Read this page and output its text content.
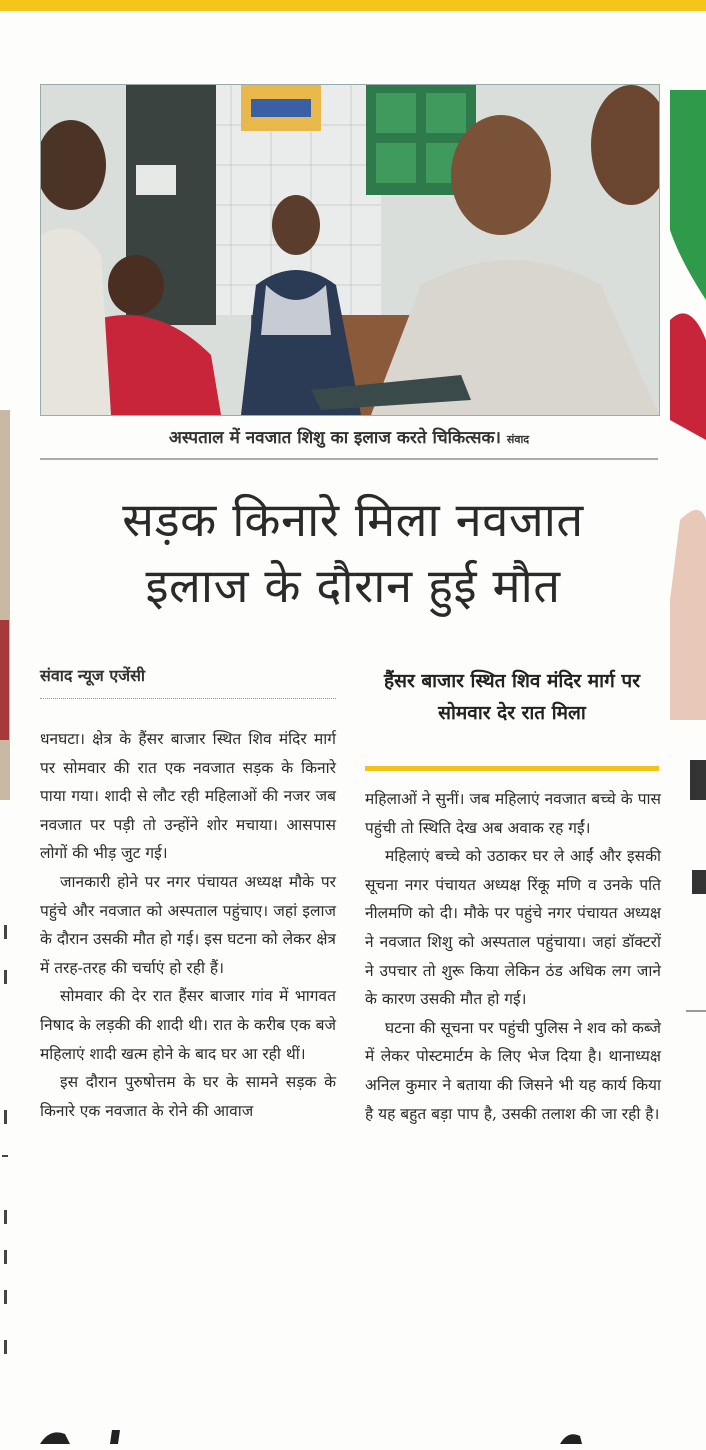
अस्पताल में नवजात शिशु का इलाज करते चिकित्सक। संवाद
सड़क किनारे मिला नवजात
इलाज के दौरान हुई मौत
संवाद न्यूज एजेंसी	हैंसर बाजार स्थित शिव मंदिर मार्ग पर सोमवार देर रात मिला

धनघटा। क्षेत्र के हैंसर बाजार स्थित शिव मंदिर मार्ग पर सोमवार की रात एक नवजात सड़क के किनारे पाया गया। शादी से लौट रही महिलाओं की नजर जब नवजात पर पड़ी तो उन्होंने शोर मचाया। आसपास लोगों की भीड़ जुट गई।

जानकारी होने पर नगर पंचायत अध्यक्ष मौके पर पहुंचे और नवजात को अस्पताल पहुंचाए। जहां इलाज के दौरान उसकी मौत हो गई। इस घटना को लेकर क्षेत्र में तरह-तरह की चर्चाएं हो रही हैं।

सोमवार की देर रात हैंसर बाजार गांव में भागवत निषाद के लड़की की शादी थी। रात के करीब एक बजे महिलाएं शादी खत्म होने के बाद घर आ रही थीं।

इस दौरान पुरुषोत्तम के घर के सामने सड़क के किनारे एक नवजात के रोने की आवाज

महिलाओं ने सुनीं। जब महिलाएं नवजात बच्चे के पास पहुंची तो स्थिति देख अब अवाक रह गईं।

महिलाएं बच्चे को उठाकर घर ले आईं और इसकी सूचना नगर पंचायत अध्यक्ष रिंकू मणि व उनके पति नीलमणि को दी। मौके पर पहुंचे नगर पंचायत अध्यक्ष ने नवजात शिशु को अस्पताल पहुंचाया। जहां डॉक्टरों ने उपचार तो शुरू किया लेकिन ठंड अधिक लग जाने के कारण उसकी मौत हो गई।

घटना की सूचना पर पहुंची पुलिस ने शव को कब्जे में लेकर पोस्टमार्टम के लिए भेज दिया है। थानाध्यक्ष अनिल कुमार ने बताया की जिसने भी यह कार्य किया है यह बहुत बड़ा पाप है, उसकी तलाश की जा रही है।
